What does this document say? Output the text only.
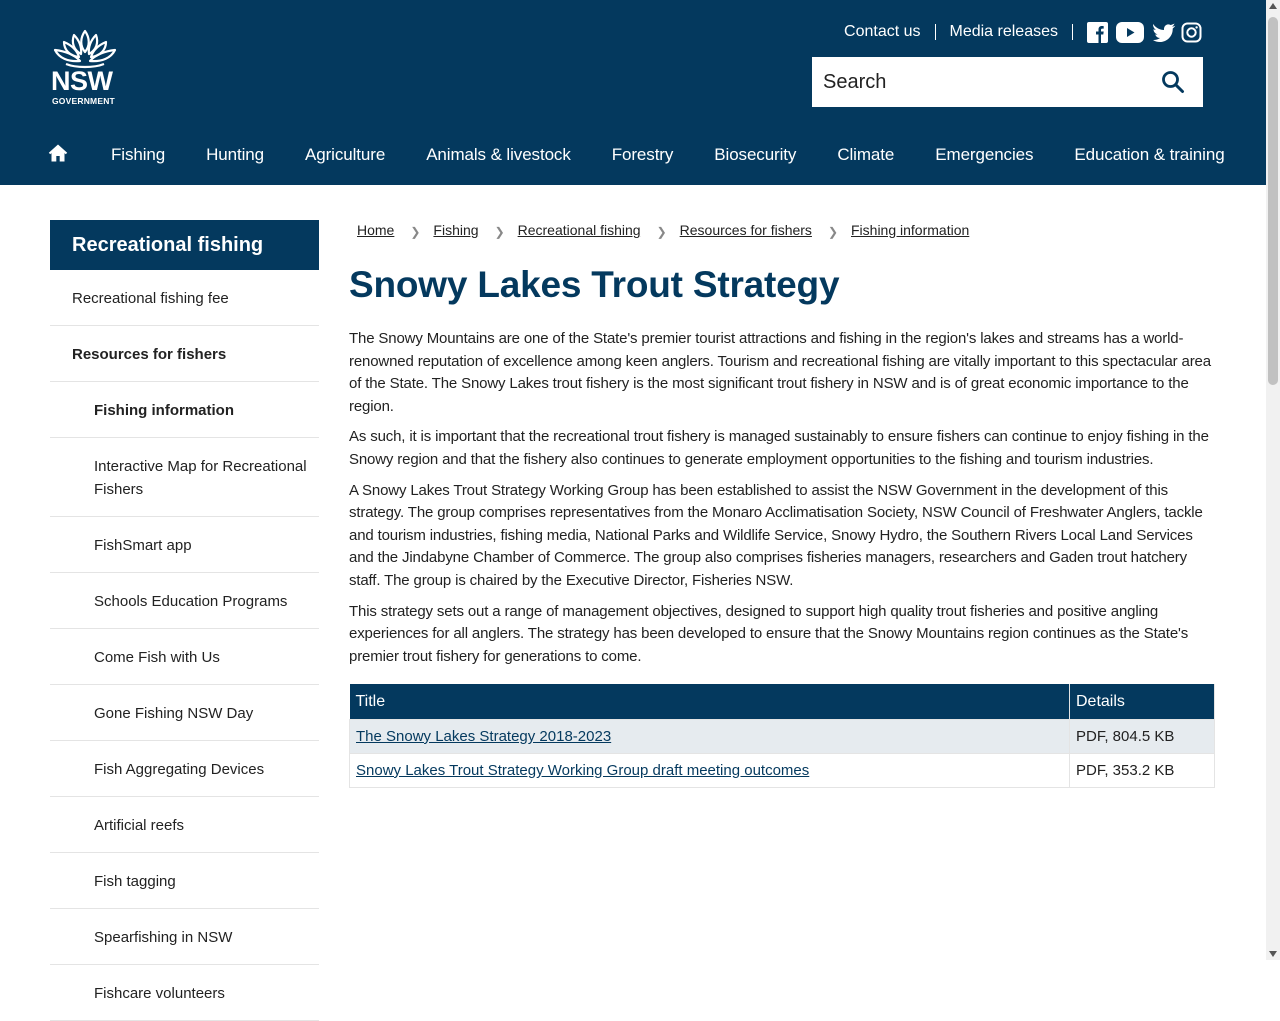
NSW
GOVERNMENT
Contact us Media releases
Search
Fishing Hunting Agriculture Animals & livestock Forestry Biosecurity Climate Emergencies Education & training
Recreational fishing
Recreational fishing fee
Resources for fishers
Fishing information
Interactive Map for Recreational Fishers
FishSmart app
Schools Education Programs
Come Fish with Us
Gone Fishing NSW Day
Fish Aggregating Devices
Artificial reefs
Fish tagging
Spearfishing in NSW
Fishcare volunteers
Home ❯ Fishing ❯ Recreational fishing ❯ Resources for fishers ❯ Fishing information
Snowy Lakes Trout Strategy

The Snowy Mountains are one of the State's premier tourist attractions and fishing in the region's lakes and streams has a world-renowned reputation of excellence among keen anglers. Tourism and recreational fishing are vitally important to this spectacular area of the State. The Snowy Lakes trout fishery is the most significant trout fishery in NSW and is of great economic importance to the region.

As such, it is important that the recreational trout fishery is managed sustainably to ensure fishers can continue to enjoy fishing in the Snowy region and that the fishery also continues to generate employment opportunities to the fishing and tourism industries.

A Snowy Lakes Trout Strategy Working Group has been established to assist the NSW Government in the development of this strategy. The group comprises representatives from the Monaro Acclimatisation Society, NSW Council of Freshwater Anglers, tackle and tourism industries, fishing media, National Parks and Wildlife Service, Snowy Hydro, the Southern Rivers Local Land Services and the Jindabyne Chamber of Commerce. The group also comprises fisheries managers, researchers and Gaden trout hatchery staff. The group is chaired by the Executive Director, Fisheries NSW.

This strategy sets out a range of management objectives, designed to support high quality trout fisheries and positive angling experiences for all anglers. The strategy has been developed to ensure that the Snowy Mountains region continues as the State's premier trout fishery for generations to come.

Title	Details
The Snowy Lakes Strategy 2018-2023	PDF, 804.5 KB
Snowy Lakes Trout Strategy Working Group draft meeting outcomes	PDF, 353.2 KB
